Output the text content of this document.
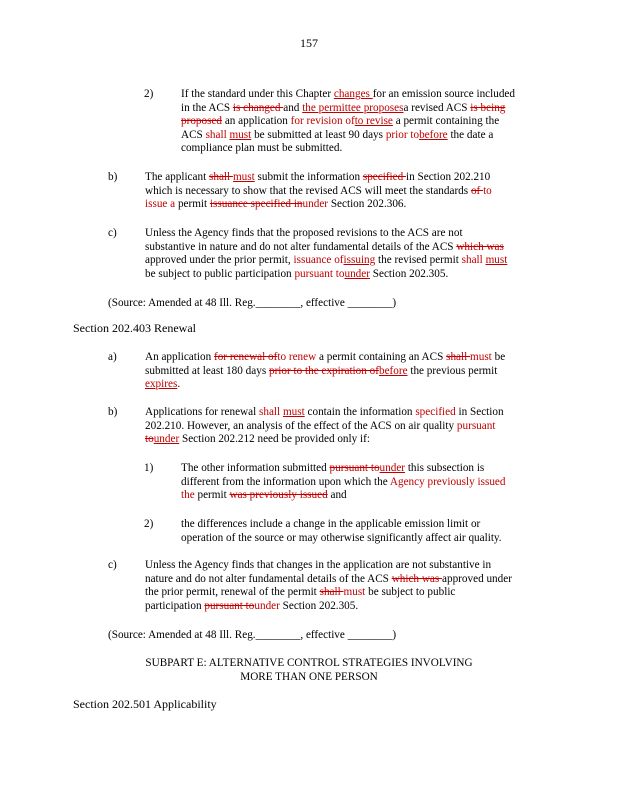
157
2) If the standard under this Chapter changes for an emission source included
in the ACS is changed and the permittee proposesa revised ACS is being
proposed an application for revision ofto revise a permit containing the
ACS shall must be submitted at least 90 days prior tobefore the date a
compliance plan must be submitted.
b) The applicant shall must submit the information specified in Section 202.210
which is necessary to show that the revised ACS will meet the standards of to
issue a permit issuance specified inunder Section 202.306.
c)	Unless the Agency finds that the proposed revisions to the ACS are not
substantive in nature and do not alter fundamental details of the ACS which was
approved under the prior permit, issuance ofissuing the revised permit shall must
be subject to public participation pursuant tounder Section 202.305.
(Source: Amended at 48 Ill. Reg.________, effective ________)
Section 202.403 Renewal
a)	An application for renewal ofto renew a permit containing an ACS shall must be
submitted at least 180 days prior to the expiration ofbefore the previous permit
expires.
b) Applications for renewal shall must contain the information specified in Section
202.210. However, an analysis of the effect of the ACS on air quality pursuant
tounder Section 202.212 need be provided only if:
1) The other information submitted pursuant tounder this subsection is
different from the information upon which the Agency previously issued
the permit was previously issued and
2) the differences include a change in the applicable emission limit or
operation of the source or may otherwise significantly affect air quality.
c)	Unless the Agency finds that changes in the application are not substantive in
nature and do not alter fundamental details of the ACS which was approved under
the prior permit, renewal of the permit shall must be subject to public
participation pursuant tounder Section 202.305.
(Source: Amended at 48 Ill. Reg.________, effective ________)
SUBPART E: ALTERNATIVE CONTROL STRATEGIES INVOLVING
MORE THAN ONE PERSON
Section 202.501 Applicability
